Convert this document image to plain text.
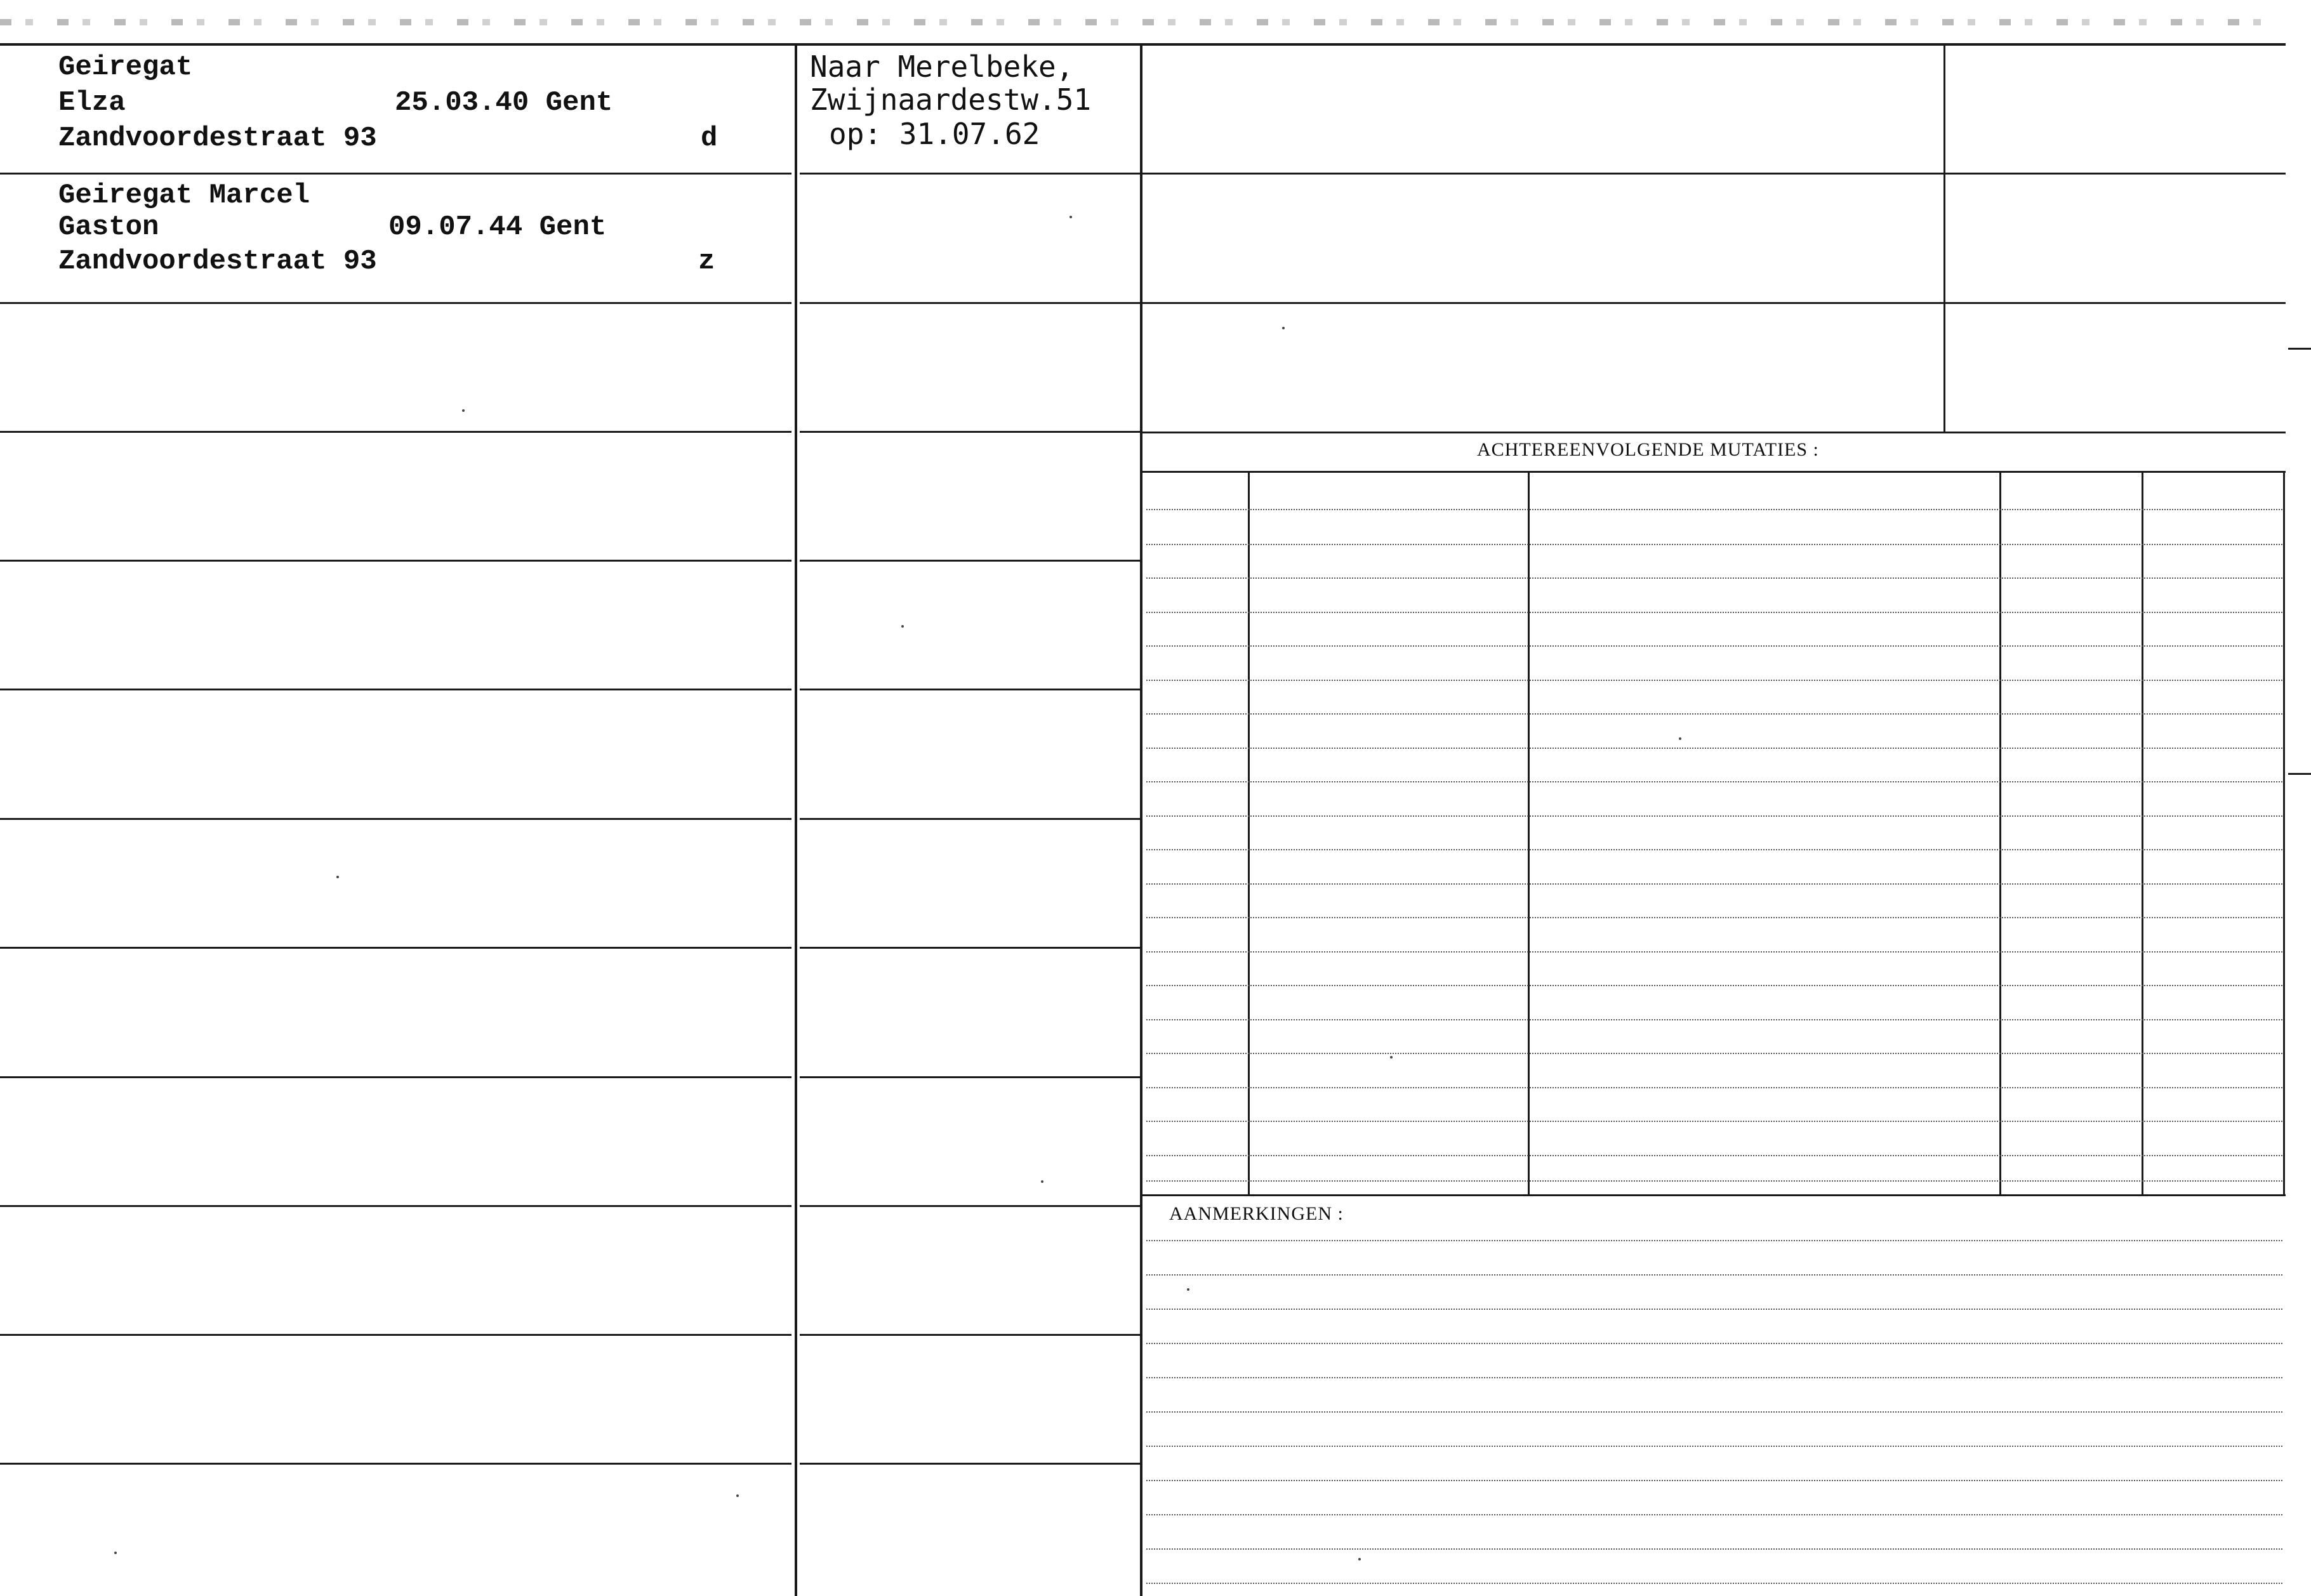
Geiregat
Elza
Zandvoordestraat 93
25.03.40 Gent
d
Naar Merelbeke,
Zwijnaardestw.51
op: 31.07.62
Geiregat Marcel
Gaston
Zandvoordestraat 93
09.07.44 Gent
z
ACHTEREENVOLGENDE MUTATIES :
AANMERKINGEN :
